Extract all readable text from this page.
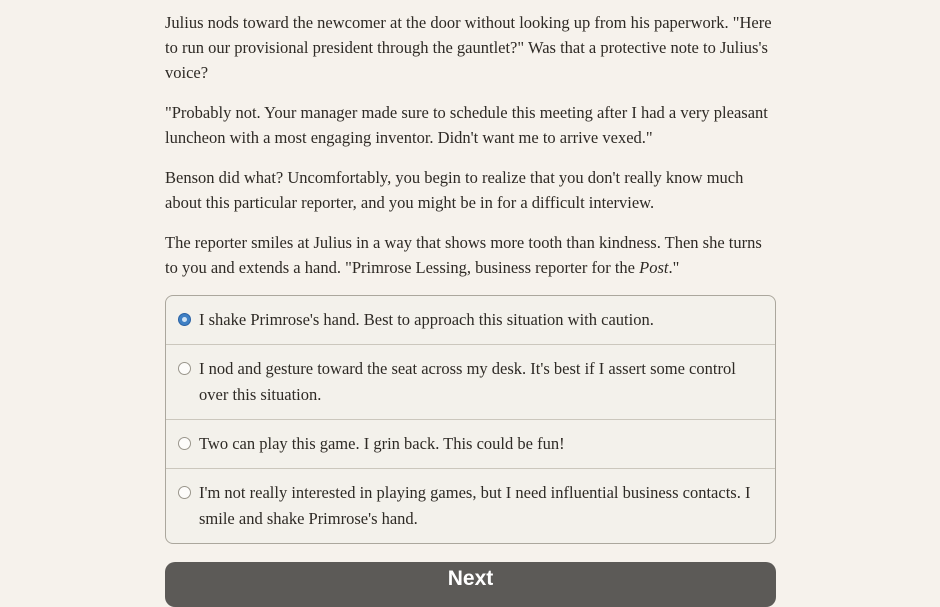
Julius nods toward the newcomer at the door without looking up from his paperwork. "Here to run our provisional president through the gauntlet?" Was that a protective note to Julius's voice?

"Probably not. Your manager made sure to schedule this meeting after I had a very pleasant luncheon with a most engaging inventor. Didn't want me to arrive vexed."

Benson did what? Uncomfortably, you begin to realize that you don't really know much about this particular reporter, and you might be in for a difficult interview.

The reporter smiles at Julius in a way that shows more tooth than kindness. Then she turns to you and extends a hand. "Primrose Lessing, business reporter for the Post."

I shake Primrose's hand. Best to approach this situation with caution.
I nod and gesture toward the seat across my desk. It's best if I assert some control over this situation.
Two can play this game. I grin back. This could be fun!
I'm not really interested in playing games, but I need influential business contacts. I smile and shake Primrose's hand.
Next
